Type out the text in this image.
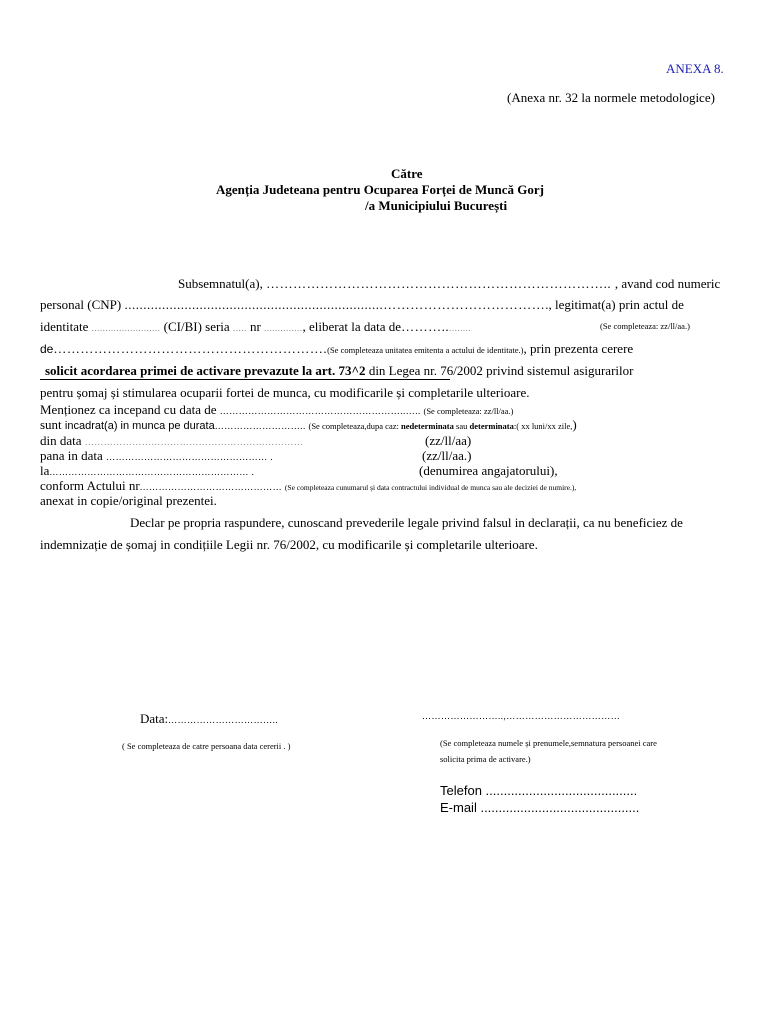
ANEXA 8.
(Anexa nr. 32 la normele metodologice)
Către
Agenția Judeteana pentru Ocuparea Forței de Muncă Gorj
/a Municipiului București
Subsemnatul(a), ………………………………………………………………….. , avand cod numeric
personal (CNP) .....................................................................………………………………., legitimat(a) prin actul de
identitate ......................... (CI/BI) seria ..... nr .............., eliberat la data de………..........	(Se completeaza: zz/ll/aa.)
de…………………………………………………….(Se completeaza unitatea emitenta a actului de identitate.), prin prezenta cerere
solicit acordarea primei de activare prevazute la art. 73^2 din Legea nr. 76/2002 privind sistemul asigurarilor
pentru șomaj și stimularea ocuparii fortei de munca, cu modificarile și completarile ulterioare.
Menționez ca incepand cu data de …………………………………………………..….. (Se completeaza: zz/ll/aa.)
sunt incadrat(a) in munca pe durata……………………….. (Se completeaza,dupa caz: nedeterminata sau determinata:( xx luni/xx zile,)
din data ……………………………………………………………	(zz/ll/aa)
pana in data …………………………………………… .	(zz/ll/aa.)
la……………………………………………………… .	(denumirea angajatorului),
conform Actului nr……………………………………… (Se completeaza cunumarul și data contractului individual de munca sau ale deciziei de numire.),
anexat in copie/original prezentei.
Declar pe propria raspundere, cunoscand prevederile legale privind falsul in declarații, ca nu beneficiez de
indemnizație de șomaj in condițiile Legii nr. 76/2002, cu modificarile și completarile ulterioare.
Data:……………………………..	……………………..,………………………………
( Se completeaza de catre persoana data cererii . )	(Se completeaza numele și prenumele,semnatura persoanei care
solicita prima de activare.)
Telefon ..........................................
E-mail ............................................
